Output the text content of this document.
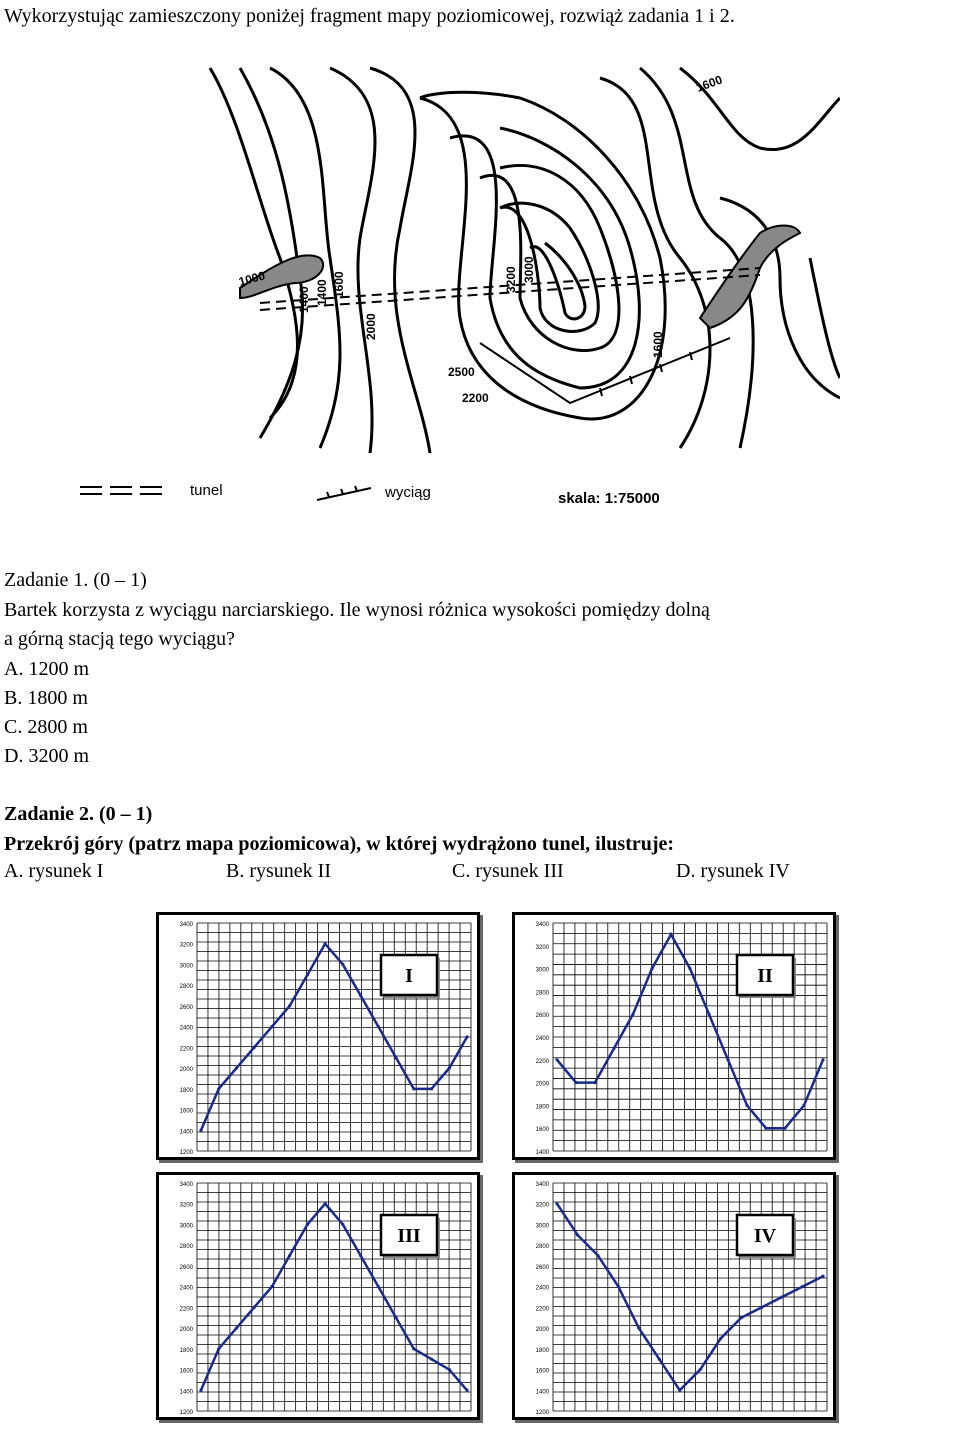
Wykorzystując zamieszczony poniżej fragment mapy poziomicowej, rozwiąż zadania 1 i 2.
1600
1400
1000
1400 1600
2000
3200 3000
2500
2200
1600
tunel	wyciąg	skala: 1:75000
Zadanie 1. (0 – 1)
Bartek korzysta z wyciągu narciarskiego. Ile wynosi różnica wysokości pomiędzy dolną
a górną stacją tego wyciągu?
A. 1200 m
B. 1800 m
C. 2800 m
D. 3200 m
Zadanie 2. (0 – 1)
Przekrój góry (patrz mapa poziomicowa), w której wydrążono tunel, ilustruje:
A. rysunek I	B. rysunek II	C. rysunek III	D. rysunek IV
3400
3200
3000
2800
2600
2400
2200
2000
1800
1600
1400
1200
I
3400
3200
3000
2800
2600
2400
2200
2000
1800
1600
1400
II
3400
3200
3000
2800
2600
2400
2200
2000
1800
1600
1400
1200
III
3400
3200
3000
2800
2600
2400
2200
2000
1800
1600
1400
1200
IV
